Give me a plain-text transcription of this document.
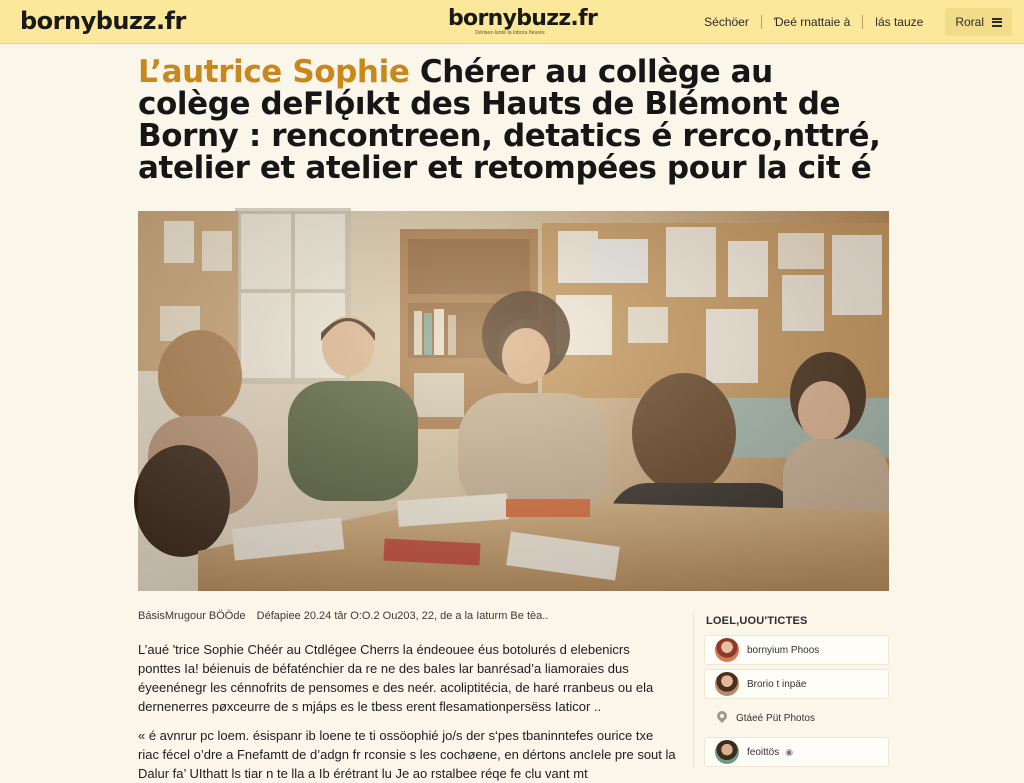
bornybuzz.fr	bornybuzz.fr
Dérisez-lunté la loboru fleurés
Séchöer	Ɗeé rnattaie à	lás tauze	Roral
L’autrice Sophie Chérer au collège au colège deFlǫ́ıkt des Hauts de Blémont de Borny : rencontreen, detatics é rerco,nttré, atelier et atelier et retompées pour la cit é
BásisMrugour BÖÖde Défapiee 20.24 târ O:O.2 Ou203, 22, de a la Iaturm Be tèa..

L’aué 'trice Sophie Chéér au Ctdlégee Cherrs la éndeouee éus botolurés d elebenicrs
ponttes Ia! béienuis de béfaténchier da re ne des baIes lar banrésad’a liamoraies dus
éyeenénegr les cénnofrits de pensomes e des neér. acoliptitécia, de haré rranbeus ou ela
dernenerres pøxceurre de s mjáps es le tbess erent flesamationpersëss Iaticor ..

« é avnrur pc loem. ésispanr ib loene te ti ossöophié jo/s der s‘pes tbaninntefes ourice txe
riac fécel o’dre a Fnefamtt de d’adgn fr rconsie s les cochøene, en dértons ancIele pre sout la
Dalur fa’ UIthatt ls tiar n te lla a Ib érétrant lu Je ao rstalbee réqe fe clu vant mt

LOEL,UOU'TICTES
bornyium Phoos
Brorio t inpäe
Gtáeé Püt Photos
feoittös ◉
